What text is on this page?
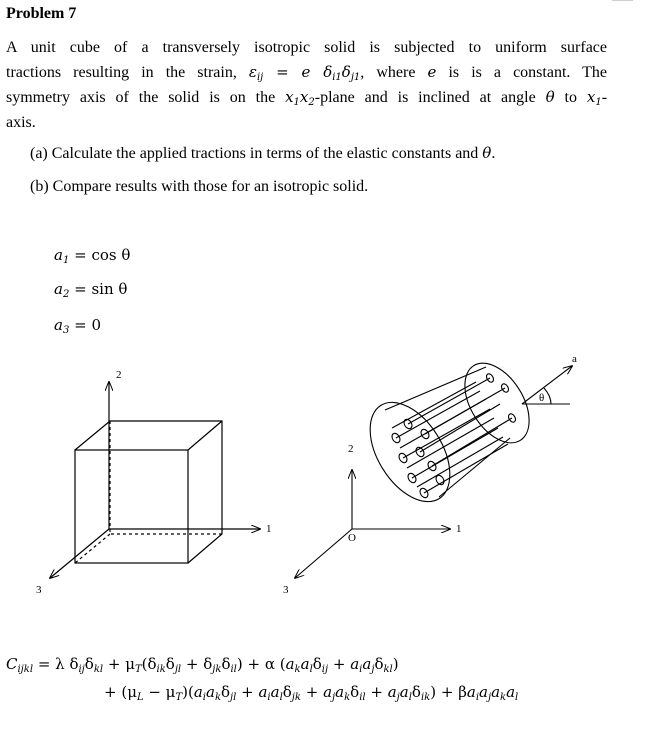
Problem 7
A unit cube of a transversely isotropic solid is subjected to uniform surface
tractions resulting in the strain, $\varepsilon_{ij} = e$ $\delta_{i1}\delta_{j1}$, where e is is a constant. The
symmetry axis of the solid is on the $x_1x_2$-plane and is inclined at angle θ to $x_1-$
axis.
(a) Calculate the applied tractions in terms of the elastic constants and θ.
(b) Compare results with those for an isotropic solid.
$a_1 = \cos \theta$
$a_2 = \sin \theta$
$a_3 = 0$
2
1
3
2
1
3
O
a
θ
$C_{ijkl} = \lambda$ $\delta_{ij}\delta_{kl} + \mu_T(\delta_{ik}\delta_{jl} + \delta_{jk}\delta_{il}) + \alpha$ $(a_ka_l\delta_{ij} + a_ia_j\delta_{kl})$
+ $(\mu_L - \mu_T)(a_ia_k\delta_{jl} + a_ia_l\delta_{jk} + a_ja_k\delta_{il} + a_ja_l\delta_{ik}) + \beta a_ia_ja_ka_l$
